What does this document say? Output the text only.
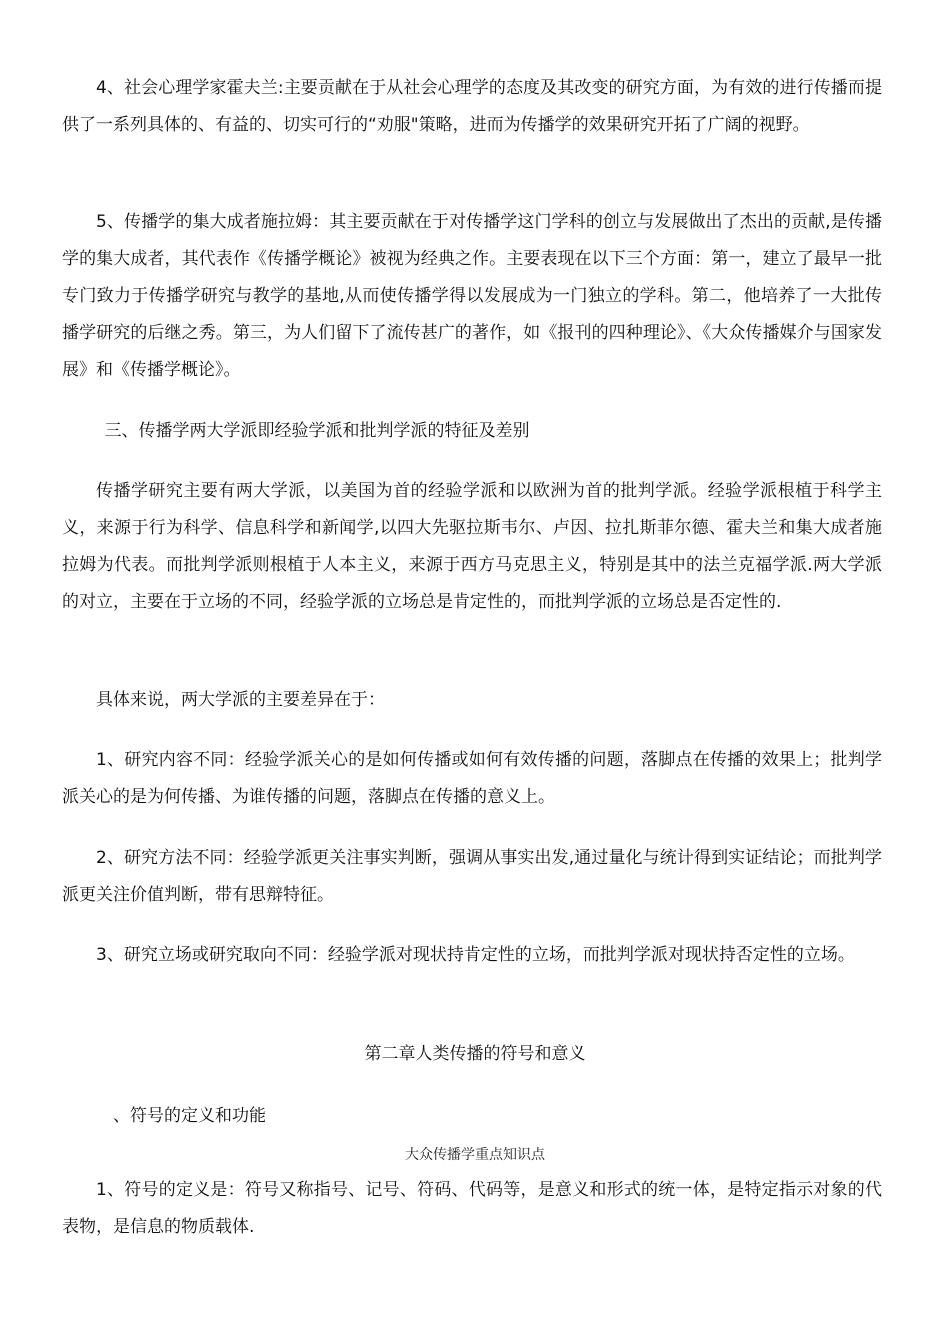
4、社会心理学家霍夫兰:主要贡献在于从社会心理学的态度及其改变的研究方面，为有效的进行传播而提供了一系列具体的、有益的、切实可行的“劝服"策略，进而为传播学的效果研究开拓了广阔的视野。

5、传播学的集大成者施拉姆：其主要贡献在于对传播学这门学科的创立与发展做出了杰出的贡献,是传播学的集大成者，其代表作《传播学概论》被视为经典之作。主要表现在以下三个方面：第一，建立了最早一批专门致力于传播学研究与教学的基地,从而使传播学得以发展成为一门独立的学科。第二，他培养了一大批传播学研究的后继之秀。第三，为人们留下了流传甚广的著作，如《报刊的四种理论》、《大众传播媒介与国家发展》和《传播学概论》。

三、传播学两大学派即经验学派和批判学派的特征及差别

传播学研究主要有两大学派，以美国为首的经验学派和以欧洲为首的批判学派。经验学派根植于科学主义，来源于行为科学、信息科学和新闻学,以四大先驱拉斯韦尔、卢因、拉扎斯菲尔德、霍夫兰和集大成者施拉姆为代表。而批判学派则根植于人本主义，来源于西方马克思主义，特别是其中的法兰克福学派.两大学派的对立，主要在于立场的不同，经验学派的立场总是肯定性的，而批判学派的立场总是否定性的.

具体来说，两大学派的主要差异在于：

1、研究内容不同：经验学派关心的是如何传播或如何有效传播的问题，落脚点在传播的效果上；批判学派关心的是为何传播、为谁传播的问题，落脚点在传播的意义上。

2、研究方法不同：经验学派更关注事实判断，强调从事实出发,通过量化与统计得到实证结论；而批判学派更关注价值判断，带有思辩特征。

3、研究立场或研究取向不同：经验学派对现状持肯定性的立场，而批判学派对现状持否定性的立场。

第二章人类传播的符号和意义

、符号的定义和功能

大众传播学重点知识点

1、符号的定义是：符号又称指号、记号、符码、代码等，是意义和形式的统一体，是特定指示对象的代表物，是信息的物质载体.
